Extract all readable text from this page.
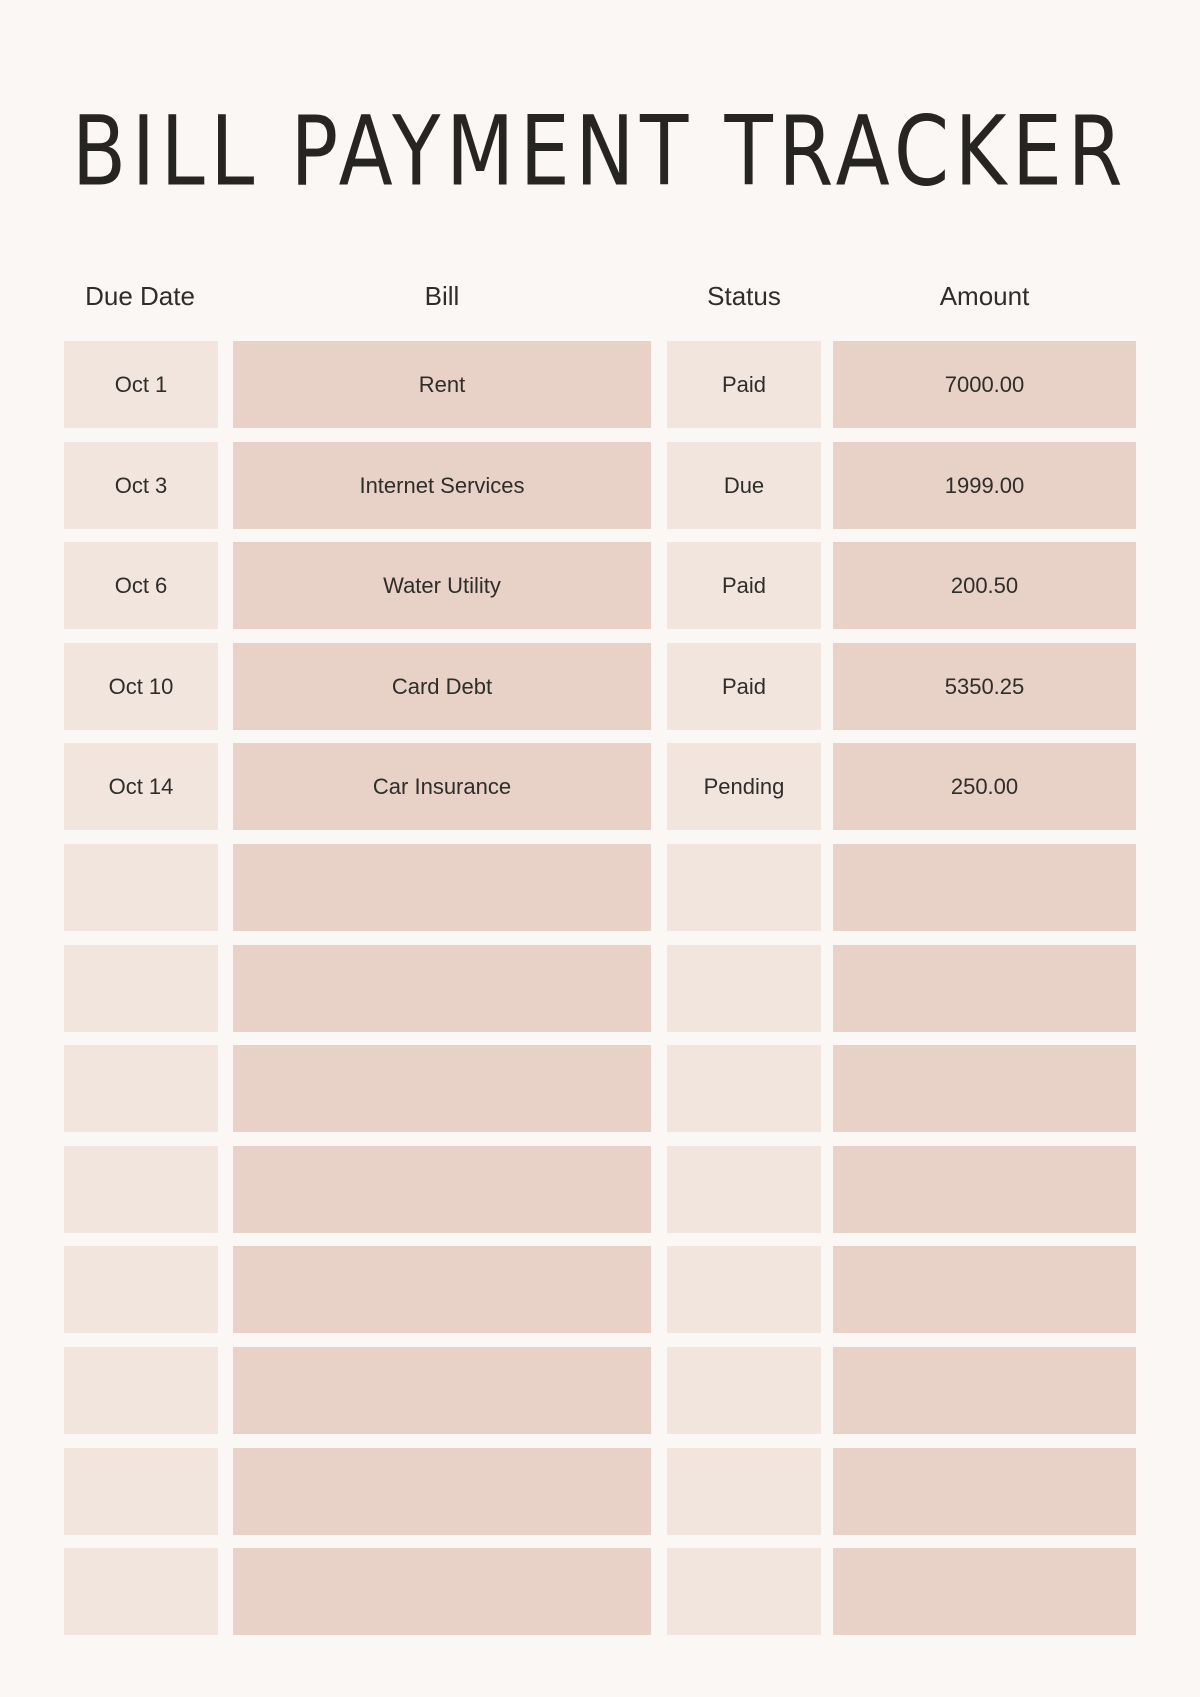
BILL PAYMENT TRACKER
Due Date	Bill	Status	Amount
Oct 1	Rent	Paid	7000.00
Oct 3	Internet Services	Due	1999.00
Oct 6	Water Utility	Paid	200.50
Oct 10	Card Debt	Paid	5350.25
Oct 14	Car Insurance	Pending	250.00
